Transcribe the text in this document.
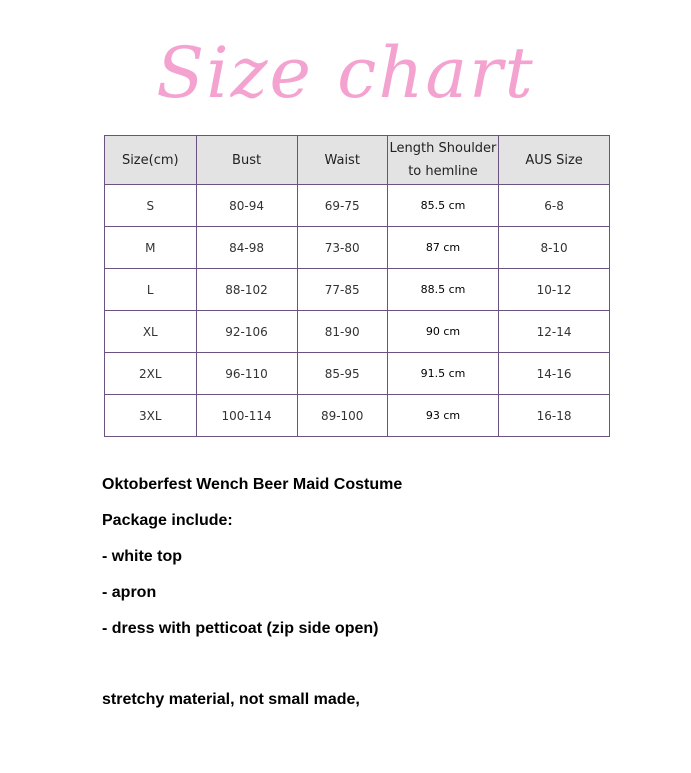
Size chart
Size(cm)	Bust	Waist	Length Shoulder to hemline	AUS Size
S	80-94	69-75	85.5 cm	6-8
M	84-98	73-80	87 cm	8-10
L	88-102	77-85	88.5 cm	10-12
XL	92-106	81-90	90 cm	12-14
2XL	96-110	85-95	91.5 cm	14-16
3XL	100-114	89-100	93 cm	16-18
Oktoberfest Wench Beer Maid Costume
Package include:
- white top
- apron
- dress with petticoat (zip side open)
stretchy material, not small made,
